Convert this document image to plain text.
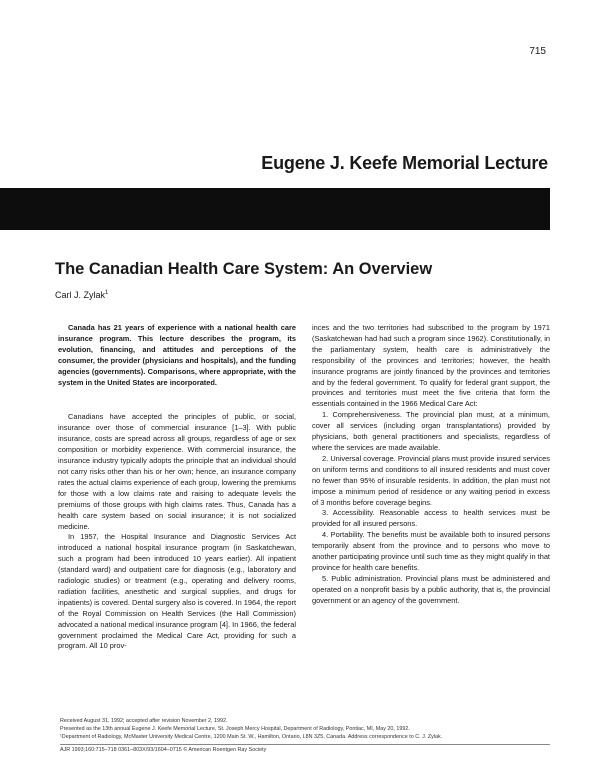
715
Eugene J. Keefe Memorial Lecture
The Canadian Health Care System: An Overview
Carl J. Zylak$^1$

Canada has 21 years of experience with a national health care insurance program. This lecture describes the program, its evolution, financing, and attitudes and perceptions of the consumer, the provider (physicians and hospitals), and the funding agencies (governments). Comparisons, where appropriate, with the system in the United States are incorporated.

Canadians have accepted the principles of public, or social, insurance over those of commercial insurance [1–3]. With public insurance, costs are spread across all groups, regardless of age or sex composition or morbidity experience. With commercial insurance, the insurance industry typically adopts the principle that an individual should not carry risks other than his or her own; hence, an insurance company rates the actual claims experience of each group, lowering the premiums for those with a low claims rate and raising to adequate levels the premiums of those groups with high claims rates. Thus, Canada has a health care system based on social insurance; it is not socialized medicine.

In 1957, the Hospital Insurance and Diagnostic Services Act introduced a national hospital insurance program (in Saskatchewan, such a program had been introduced 10 years earlier). All inpatient (standard ward) and outpatient care for diagnosis (e.g., laboratory and radiologic studies) or treatment (e.g., operating and delivery rooms, radiation facilities, anesthetic and surgical supplies, and drugs for inpatients) is covered. Dental surgery also is covered. In 1964, the report of the Royal Commission on Health Services (the Hall Commission) advocated a national medical insurance program [4]. In 1966, the federal government proclaimed the Medical Care Act, providing for such a program. All 10 prov-

inces and the two territories had subscribed to the program by 1971 (Saskatchewan had had such a program since 1962). Constitutionally, in the parliamentary system, health care is administratively the responsibility of the provinces and territories; however, the health insurance programs are jointly financed by the provinces and territories and by the federal government. To qualify for federal grant support, the provinces and territories must meet the five criteria that form the essentials contained in the 1966 Medical Care Act:

1. Comprehensiveness. The provincial plan must, at a minimum, cover all services (including organ transplantations) provided by physicians, both general practitioners and specialists, regardless of where the services are made available.

2. Universal coverage. Provincial plans must provide insured services on uniform terms and conditions to all insured residents and must cover no fewer than 95% of insurable residents. In addition, the plan must not impose a minimum period of residence or any waiting period in excess of 3 months before coverage begins.

3. Accessibility. Reasonable access to health services must be provided for all insured persons.

4. Portability. The benefits must be available both to insured persons temporarily absent from the province and to persons who move to another participating province until such time as they might qualify in that province for health care benefits.

5. Public administration. Provincial plans must be administered and operated on a nonprofit basis by a public authority, that is, the provincial government or an agency of the government.

Received August 31, 1992; accepted after revision November 2, 1992.
Presented as the 13th annual Eugene J. Keefe Memorial Lecture, St. Joseph Mercy Hospital, Department of Radiology, Pontiac, MI, May 20, 1992.
¹Department of Radiology, McMaster University Medical Centre, 1200 Main St. W., Hamilton, Ontario, L8N 3Z5, Canada. Address correspondence to C. J. Zylak.
AJR 1993;160:715–718 0361–803X/93/1604–0715 © American Roentgen Ray Society
